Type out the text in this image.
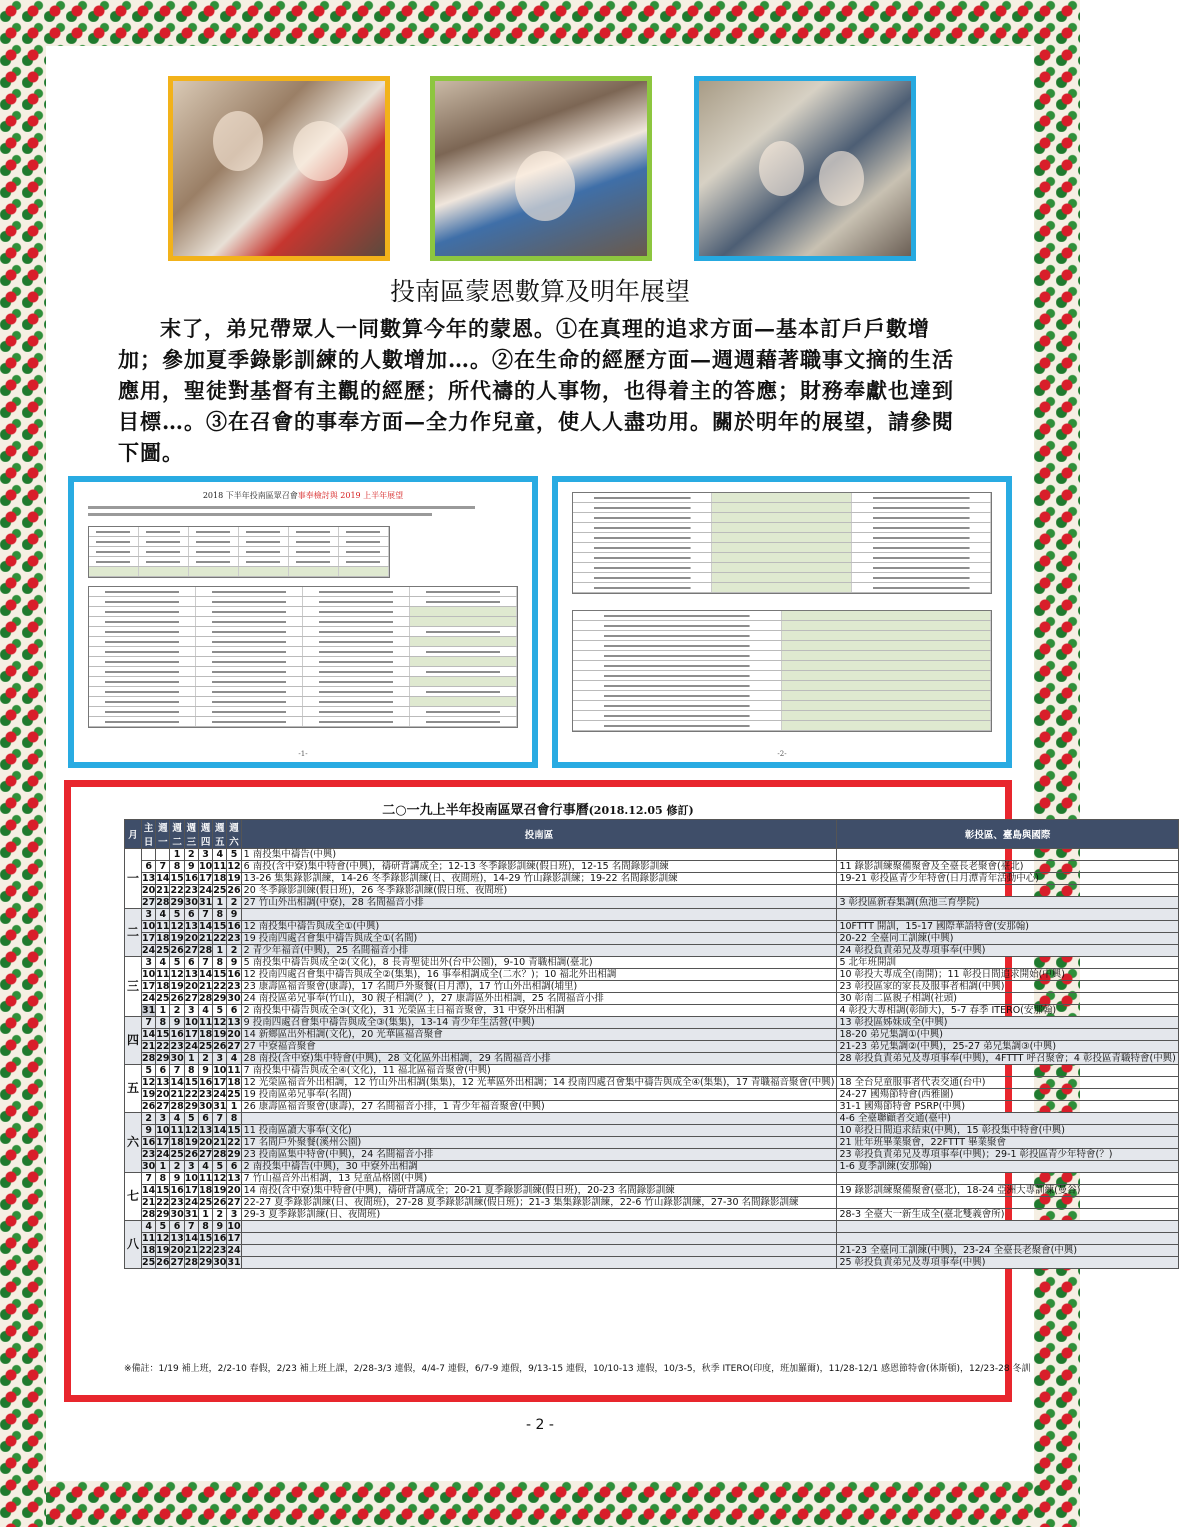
投南區蒙恩數算及明年展望

末了，弟兄帶眾人一同數算今年的蒙恩。①在真理的追求方面—基本訂戶戶數增加；參加夏季錄影訓練的人數增加…。②在生命的經歷方面—週週藉著職事文摘的生活應用，聖徒對基督有主觀的經歷；所代禱的人事物，也得着主的答應；財務奉獻也達到目標…。③在召會的事奉方面—全力作兒童，使人人盡功用。關於明年的展望，請參閱下圖。

2018 下半年投南區眾召會事奉檢討與 2019 上半年展望
-1-	-2-
二○一九上半年投南區眾召會行事曆(2018.12.05 修訂)
月	主日	週一	週二	週三	週四	週五	週六	投南區	彰投區、臺島與國際
一			1	2	3	4	5	1 南投集中禱告(中興)	
	6	7	8	9	10	11	12	6 南投(含中寮)集中特會(中興)，禱研背講成全；12-13 冬季錄影訓練(假日班)，12-15 名間錄影訓練	11 錄影訓練聚備聚會及全臺長老聚會(臺北)
	13	14	15	16	17	18	19	13-26 集集錄影訓練，14-26 冬季錄影訓練(日、夜間班)，14-29 竹山錄影訓練；19-22 名間錄影訓練	19-21 彰投區青少年特會(日月潭青年活動中心)
	20	21	22	23	24	25	26	20 冬季錄影訓練(假日班)，26 冬季錄影訓練(假日班、夜間班)	
	27	28	29	30	31	1	2	27 竹山外出相調(中寮)，28 名間福音小排	3 彰投區新春集調(魚池三育學院)
二	3	4	5	6	7	8	9		
	10	11	12	13	14	15	16	12 南投集中禱告與成全①(中興)	10FTTT 開訓，15-17 國際華語特會(安那翰)
	17	18	19	20	21	22	23	19 投南四處召會集中禱告與成全①(名間)	20-22 全臺同工訓練(中興)
	24	25	26	27	28	1	2	2 青少年福音(中興)，25 名間福音小排	24 彰投負責弟兄及專項事奉(中興)
三	3	4	5	6	7	8	9	5 南投集中禱告與成全②(文化)，8 長青聖徒出外(台中公園)，9-10 青職相調(臺北)	5 北年班開訓
	10	11	12	13	14	15	16	12 投南四處召會集中禱告與成全②(集集)，16 事奉相調成全(二水？)；10 福北外出相調	10 彰投大專成全(南開)；11 彰投日間追求開始(中興)
	17	18	19	20	21	22	23	23 康壽區福音聚會(康壽)，17 名間戶外聚餐(日月潭)，17 竹山外出相調(埔里)	23 彰投區家的家長及服事者相調(中興)
	24	25	26	27	28	29	30	24 南投區弟兄事奉(竹山)，30 親子相調(？)，27 康壽區外出相調，25 名間福音小排	30 彰南二區親子相調(社頭)
	31	1	2	3	4	5	6	2 南投集中禱告與成全③(文化)，31 光榮區主日福音聚會，31 中寮外出相調	4 彰投大專相調(彰師大)，5-7 春季 ITERO(安那翰)
四	7	8	9	10	11	12	13	9 投南四處召會集中禱告與成全③(集集)，13-14 青少年生活營(中興)	13 彰投區姊妹成全(中興)
	14	15	16	17	18	19	20	14 新鄉區出外相調(文化)，20 光華區福音聚會	18-20 弟兄集調①(中興)
	21	22	23	24	25	26	27	27 中寮福音聚會	21-23 弟兄集調②(中興)，25-27 弟兄集調③(中興)
	28	29	30	1	2	3	4	28 南投(含中寮)集中特會(中興)，28 文化區外出相調，29 名間福音小排	28 彰投負責弟兄及專項事奉(中興)，4FTTT 呼召聚會；4 彰投區青職特會(中興)
五	5	6	7	8	9	10	11	7 南投集中禱告與成全④(文化)，11 福北區福音聚會(中興)	
	12	13	14	15	16	17	18	12 光榮區福音外出相調，12 竹山外出相調(集集)，12 光華區外出相調；14 投南四處召會集中禱告與成全④(集集)，17 青職福音聚會(中興)	18 全台兒童服事者代表交通(台中)
	19	20	21	22	23	24	25	19 投南區弟兄事奉(名間)	24-27 國殤節特會(西雅圖)
	26	27	28	29	30	31	1	26 康壽區福音聚會(康壽)，27 名間福音小排，1 青少年福音聚會(中興)	31-1 國殤節特會 PSRP(中興)
六	2	3	4	5	6	7	8		4-6 全臺聯顧者交通(臺中)
	9	10	11	12	13	14	15	11 投南區讀大事奉(文化)	10 彰投日間追求結束(中興)，15 彰投集中特會(中興)
	16	17	18	19	20	21	22	17 名間戶外聚餐(溪州公園)	21 壯年班畢業聚會，22FTTT 畢業聚會
	23	24	25	26	27	28	29	23 投南區集中特會(中興)，24 名間福音小排	23 彰投負責弟兄及專項事奉(中興)；29-1 彰投區青少年特會(？)
	30	1	2	3	4	5	6	2 南投集中禱告(中興)，30 中寮外出相調	1-6 夏季訓練(安那翰)
七	7	8	9	10	11	12	13	7 竹山福音外出相調，13 兒童品格園(中興)	
	14	15	16	17	18	19	20	14 南投(含中寮)集中特會(中興)，禱研背講成全；20-21 夏季錄影訓練(假日班)，20-23 名間錄影訓練	19 錄影訓練聚備聚會(臺北)，18-24 亞洲大專訓練(曼谷)
	21	22	23	24	25	26	27	22-27 夏季錄影訓練(日、夜間班)，27-28 夏季錄影訓練(假日班)；21-3 集集錄影訓練，22-6 竹山錄影訓練，27-30 名間錄影訓練	
	28	29	30	31	1	2	3	29-3 夏季錄影訓練(日、夜間班)	28-3 全臺大一新生成全(臺北雙義會所)
八	4	5	6	7	8	9	10		
	11	12	13	14	15	16	17		
	18	19	20	21	22	23	24		21-23 全臺同工訓練(中興)，23-24 全臺長老聚會(中興)
	25	26	27	28	29	30	31		25 彰投負責弟兄及專項事奉(中興)
※備註：1/19 補上班，2/2-10 春假，2/23 補上班上課，2/28-3/3 連假，4/4-7 連假，6/7-9 連假，9/13-15 連假，10/10-13 連假，10/3-5，秋季 ITERO(印度，班加羅爾)，11/28-12/1 感恩節特會(休斯頓)，12/23-28 冬訓
- 2 -
